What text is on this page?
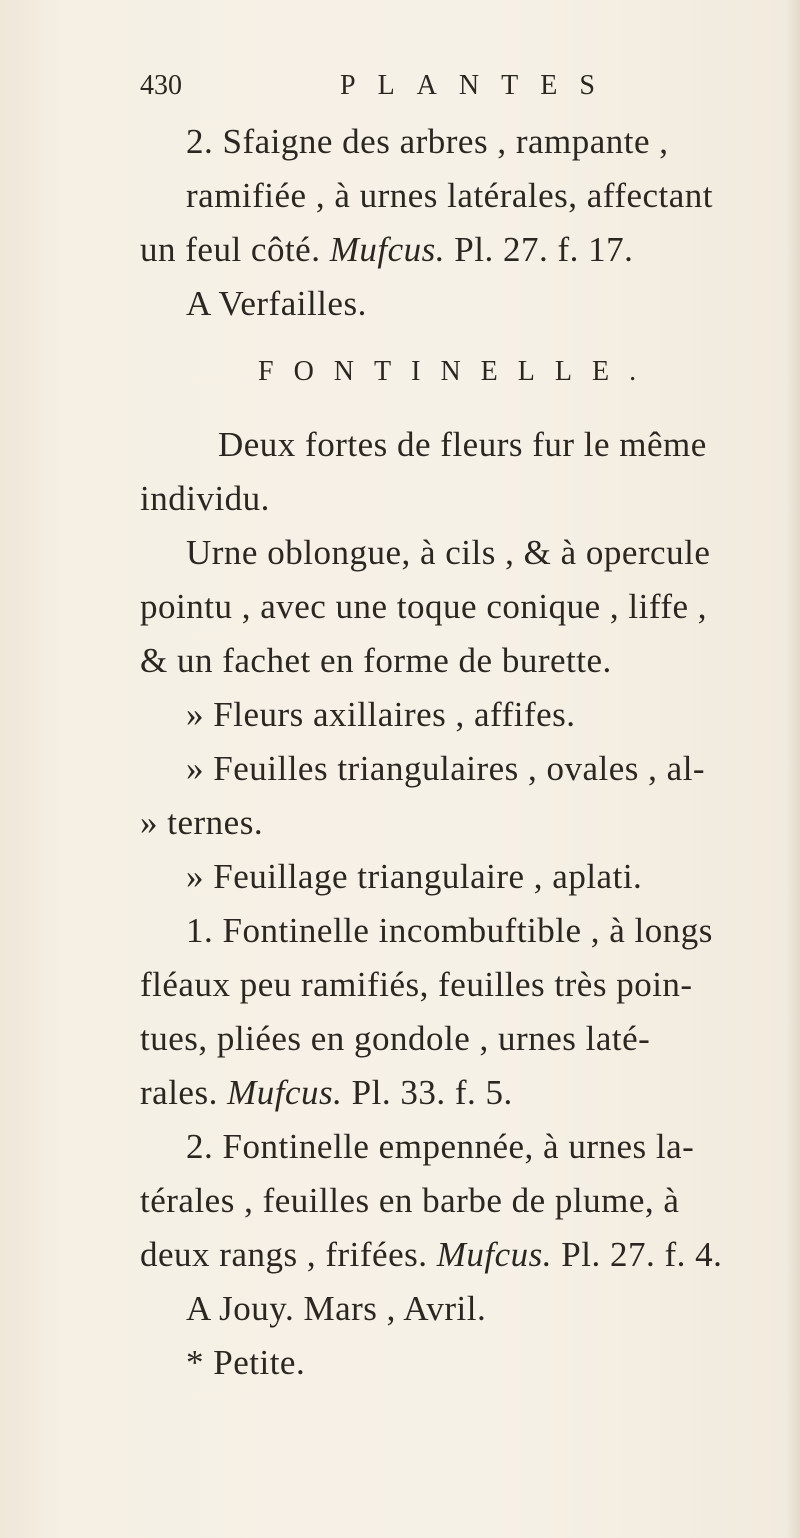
430	PLANTES
FONTINELLE.
2. Sfaigne des arbres , rampante ,
ramifiée , à urnes latérales, affectant
un feul côté. Mufcus. Pl. 27. f. 17.
A Verfailles.
Deux fortes de fleurs fur le même
individu.
Urne oblongue, à cils , & à opercule
pointu , avec une toque conique , liffe ,
& un fachet en forme de burette.
» Fleurs axillaires , affifes.
» Feuilles triangulaires , ovales , al-
» ternes.
» Feuillage triangulaire , aplati.
1. Fontinelle incombuftible , à longs
fléaux peu ramifiés, feuilles très poin-
tues, pliées en gondole , urnes laté-
rales. Mufcus. Pl. 33. f. 5.
2. Fontinelle empennée, à urnes la-
térales , feuilles en barbe de plume, à
deux rangs , frifées. Mufcus. Pl. 27. f. 4.
A Jouy. Mars , Avril.
* Petite.
